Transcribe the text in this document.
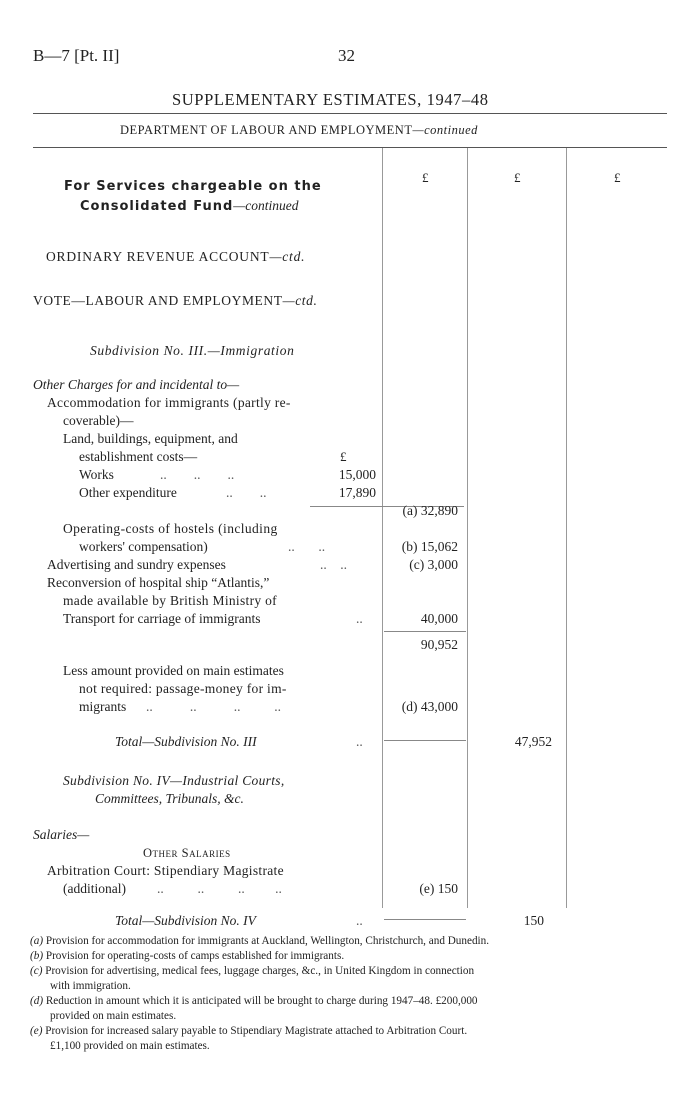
B—7 [Pt. II]	32
SUPPLEMENTARY ESTIMATES, 1947–48
DEPARTMENT OF LABOUR AND EMPLOYMENT—continued
£	£	£
For Services chargeable on the
Consolidated Fund—continued
ORDINARY REVENUE ACCOUNT—ctd.
VOTE—LABOUR AND EMPLOYMENT—ctd.
Subdivision No. III.—Immigration
Other Charges for and incidental to—
Accommodation for immigrants (partly re-
coverable)—
Land, buildings, equipment, and
establishment costs—	£
Works	..        ..        ..	15,000
Other expenditure	..        ..	17,890
(a) 32,890
Operating-costs of hostels (including
workers' compensation)	..       ..	(b) 15,062
Advertising and sundry expenses	..    ..	(c) 3,000
Reconversion of hospital ship “Atlantis,”
made available by British Ministry of
Transport for carriage of immigrants	..	40,000
90,952
Less amount provided on main estimates
not required: passage-money for im-
migrants ..           ..           ..          ..	(d) 43,000
Total—Subdivision No. III	..	47,952
Subdivision No. IV—Industrial Courts,
Committees, Tribunals, &c.
Salaries—
Other Salaries
Arbitration Court: Stipendiary Magistrate
(additional) ..          ..          ..         ..	(e) 150
Total—Subdivision No. IV	..	150
(a) Provision for accommodation for immigrants at Auckland, Wellington, Christchurch, and Dunedin.
(b) Provision for operating-costs of camps established for immigrants.
(c) Provision for advertising, medical fees, luggage charges, &c., in United Kingdom in connection
with immigration.
(d) Reduction in amount which it is anticipated will be brought to charge during 1947–48. £200,000
provided on main estimates.
(e) Provision for increased salary payable to Stipendiary Magistrate attached to Arbitration Court.
£1,100 provided on main estimates.
